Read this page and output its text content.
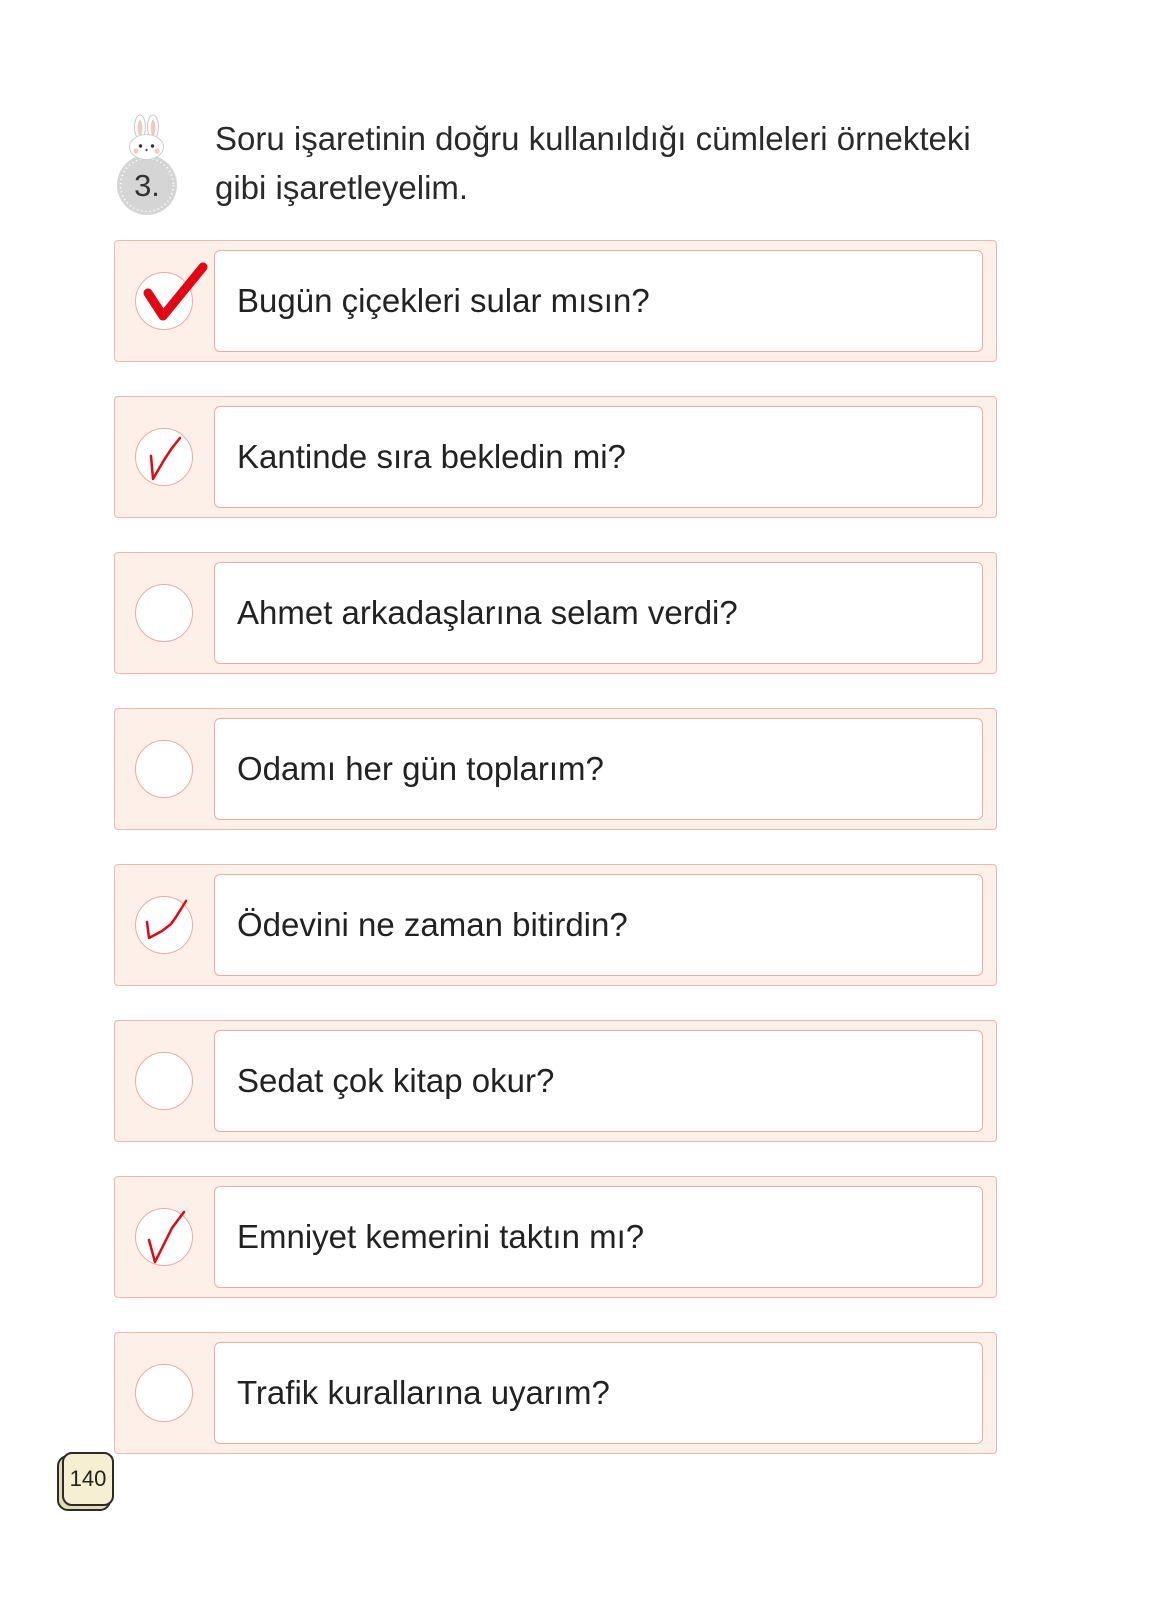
3.
Soru işaretinin doğru kullanıldığı cümleleri örnekteki
gibi işaretleyelim.
Bugün çiçekleri sular mısın?
Kantinde sıra bekledin mi?
Ahmet arkadaşlarına selam verdi?
Odamı her gün toplarım?
Ödevini ne zaman bitirdin?
Sedat çok kitap okur?
Emniyet kemerini taktın mı?
Trafik kurallarına uyarım?
140
